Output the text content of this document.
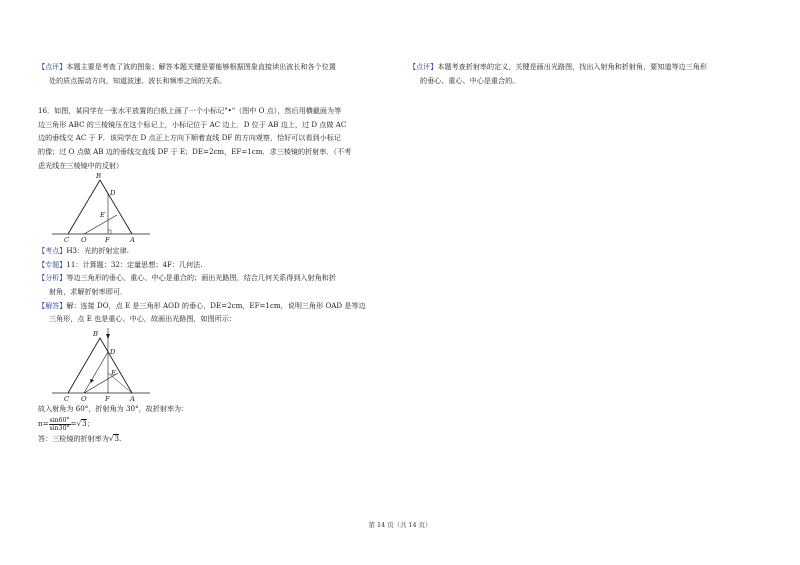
【点评】本题主要是考查了波的图象；解答本题关键是要能够根据图象直接读出波长和各个位置

处的质点振动方向，知道波速、波长和频率之间的关系。

16．如图，某同学在一张水平放置的白纸上画了一个小标记"•"（图中 O 点），然后用横截面为等

边三角形 ABC 的三棱镜压在这个标记上，小标记位于 AC 边上．D 位于 AB 边上，过 D 点做 AC

边的垂线交 AC 于 F．该同学在 D 点正上方向下顺着直线 DF 的方向观察，恰好可以看到小标记

的像；过 O 点做 AB 边的垂线交直线 DF 于 E；DE=2cm，EF=1cm．求三棱镜的折射率．（不考

虑光线在三棱镜中的反射）

B
D
E
C O	F	A

【考点】H3：光的折射定律.

【专题】11：计算题；32：定量思想；4F：几何法.

【分析】等边三角形的垂心、重心、中心是重合的；画出光路图，结合几何关系得到入射角和折

射角，求解折射率即可．

【解答】解：连接 DO，点 E 是三角形 AOD 的垂心，DE=2cm，EF=1cm，说明三角形 OAD 是等边

三角形，点 E 也是重心、中心，故画出光路图，如图所示：

B
D
E
C O	F	A

故入射角为 60°，折射角为 30°，故折射率为：

$n= \frac{\sin 60^\circ}{\sin 30^\circ} =√3$；

答：三检镜的折射率为√3.

【点评】本题考查折射率的定义，关键是画出光路图，找出入射角和折射角，要知道等边三角形

的垂心、重心、中心是重合的。

第 14 页（共 14 页）
